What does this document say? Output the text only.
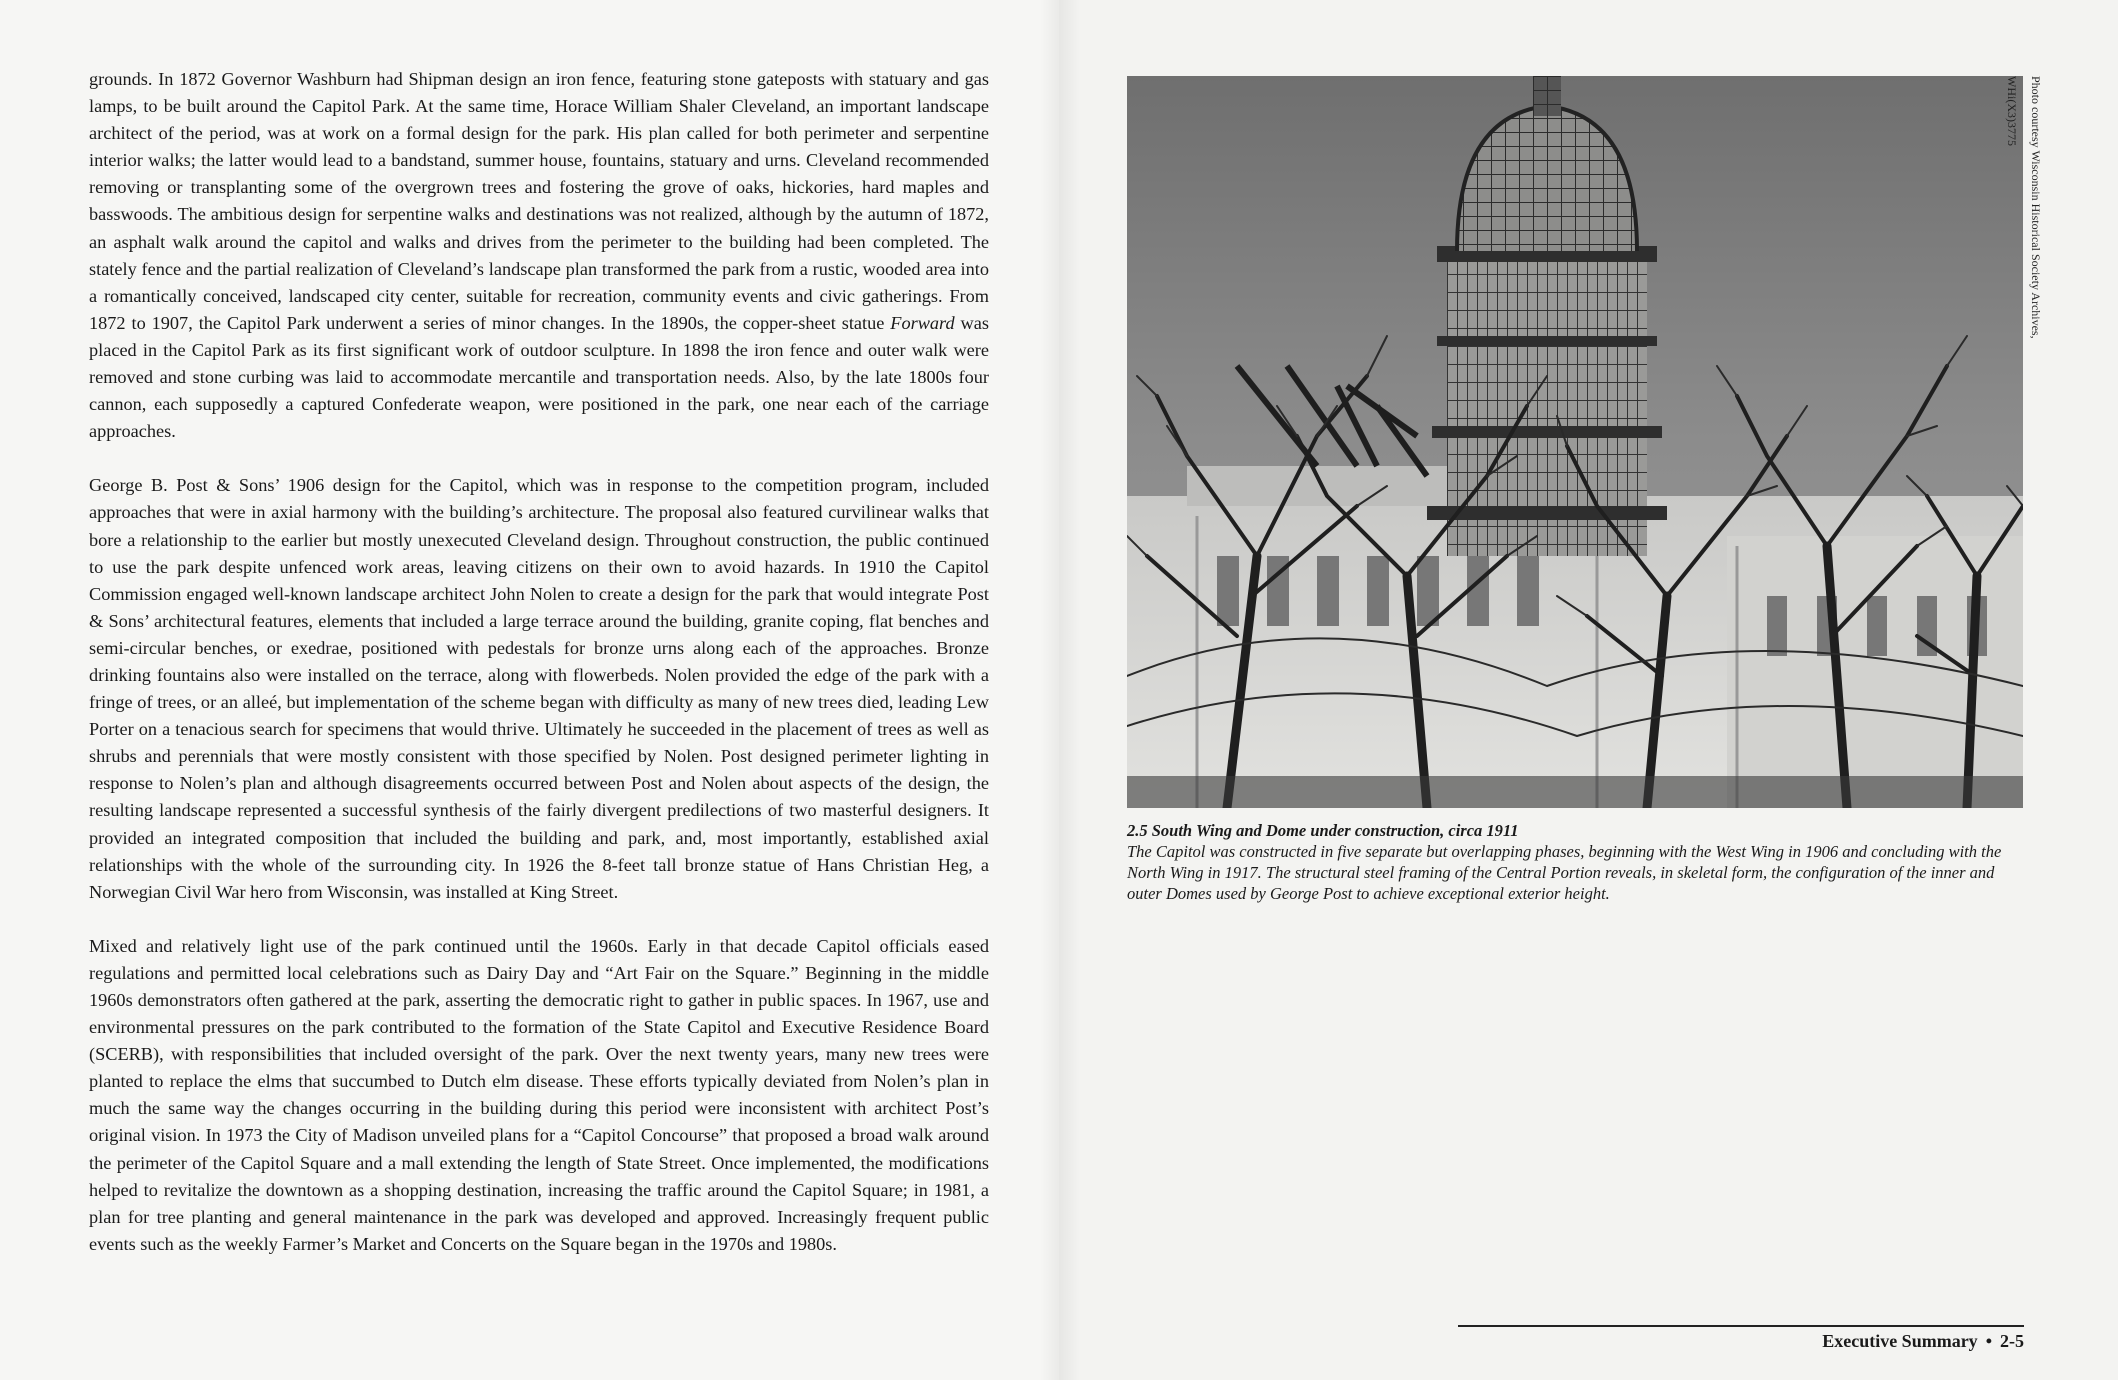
grounds. In 1872 Governor Washburn had Shipman design an iron fence, featuring stone gateposts with statuary and gas lamps, to be built around the Capitol Park. At the same time, Horace William Shaler Cleveland, an important landscape architect of the period, was at work on a formal design for the park. His plan called for both perimeter and serpentine interior walks; the latter would lead to a bandstand, summer house, fountains, statuary and urns. Cleveland recommended removing or transplanting some of the overgrown trees and fostering the grove of oaks, hickories, hard maples and basswoods. The ambitious design for serpentine walks and destinations was not realized, although by the autumn of 1872, an asphalt walk around the capitol and walks and drives from the perimeter to the building had been completed. The stately fence and the partial realization of Cleveland’s landscape plan transformed the park from a rustic, wooded area into a romantically conceived, landscaped city center, suitable for recreation, community events and civic gatherings. From 1872 to 1907, the Capitol Park underwent a series of minor changes. In the 1890s, the copper-sheet statue Forward was placed in the Capitol Park as its first significant work of outdoor sculpture. In 1898 the iron fence and outer walk were removed and stone curbing was laid to accommodate mercantile and transportation needs. Also, by the late 1800s four cannon, each supposedly a captured Confederate weapon, were positioned in the park, one near each of the carriage approaches.

George B. Post & Sons’ 1906 design for the Capitol, which was in response to the competition program, included approaches that were in axial harmony with the building’s architecture. The proposal also featured curvilinear walks that bore a relationship to the earlier but mostly unexecuted Cleveland design. Throughout construction, the public continued to use the park despite unfenced work areas, leaving citizens on their own to avoid hazards. In 1910 the Capitol Commission engaged well-known landscape architect John Nolen to create a design for the park that would integrate Post & Sons’ architectural features, elements that included a large terrace around the building, granite coping, flat benches and semi-circular benches, or exedrae, positioned with pedestals for bronze urns along each of the approaches. Bronze drinking fountains also were installed on the terrace, along with flowerbeds. Nolen provided the edge of the park with a fringe of trees, or an alleé, but implementation of the scheme began with difficulty as many of new trees died, leading Lew Porter on a tenacious search for specimens that would thrive. Ultimately he succeeded in the placement of trees as well as shrubs and perennials that were mostly consistent with those specified by Nolen. Post designed perimeter lighting in response to Nolen’s plan and although disagreements occurred between Post and Nolen about aspects of the design, the resulting landscape represented a successful synthesis of the fairly divergent predilections of two masterful designers. It provided an integrated composition that included the building and park, and, most importantly, established axial relationships with the whole of the surrounding city. In 1926 the 8-feet tall bronze statue of Hans Christian Heg, a Norwegian Civil War hero from Wisconsin, was installed at King Street.

Mixed and relatively light use of the park continued until the 1960s. Early in that decade Capitol officials eased regulations and permitted local celebrations such as Dairy Day and “Art Fair on the Square.” Beginning in the middle 1960s demonstrators often gathered at the park, asserting the democratic right to gather in public spaces. In 1967, use and environmental pressures on the park contributed to the formation of the State Capitol and Executive Residence Board (SCERB), with responsibilities that included oversight of the park. Over the next twenty years, many new trees were planted to replace the elms that succumbed to Dutch elm disease. These efforts typically deviated from Nolen’s plan in much the same way the changes occurring in the building during this period were inconsistent with architect Post’s original vision. In 1973 the City of Madison unveiled plans for a “Capitol Concourse” that proposed a broad walk around the perimeter of the Capitol Square and a mall extending the length of State Street. Once implemented, the modifications helped to revitalize the downtown as a shopping destination, increasing the traffic around the Capitol Square; in 1981, a plan for tree planting and general maintenance in the park was developed and approved. Increasingly frequent public events such as the weekly Farmer’s Market and Concerts on the Square began in the 1970s and 1980s.

Photo courtesy Wisconsin Historical Society Archives, WHi(X3)3775
2.5 South Wing and Dome under construction, circa 1911
The Capitol was constructed in five separate but overlapping phases, beginning with the West Wing in 1906 and concluding with the North Wing in 1917. The structural steel framing of the Central Portion reveals, in skeletal form, the configuration of the inner and outer Domes used by George Post to achieve exceptional exterior height.
Executive Summary • 2-5
